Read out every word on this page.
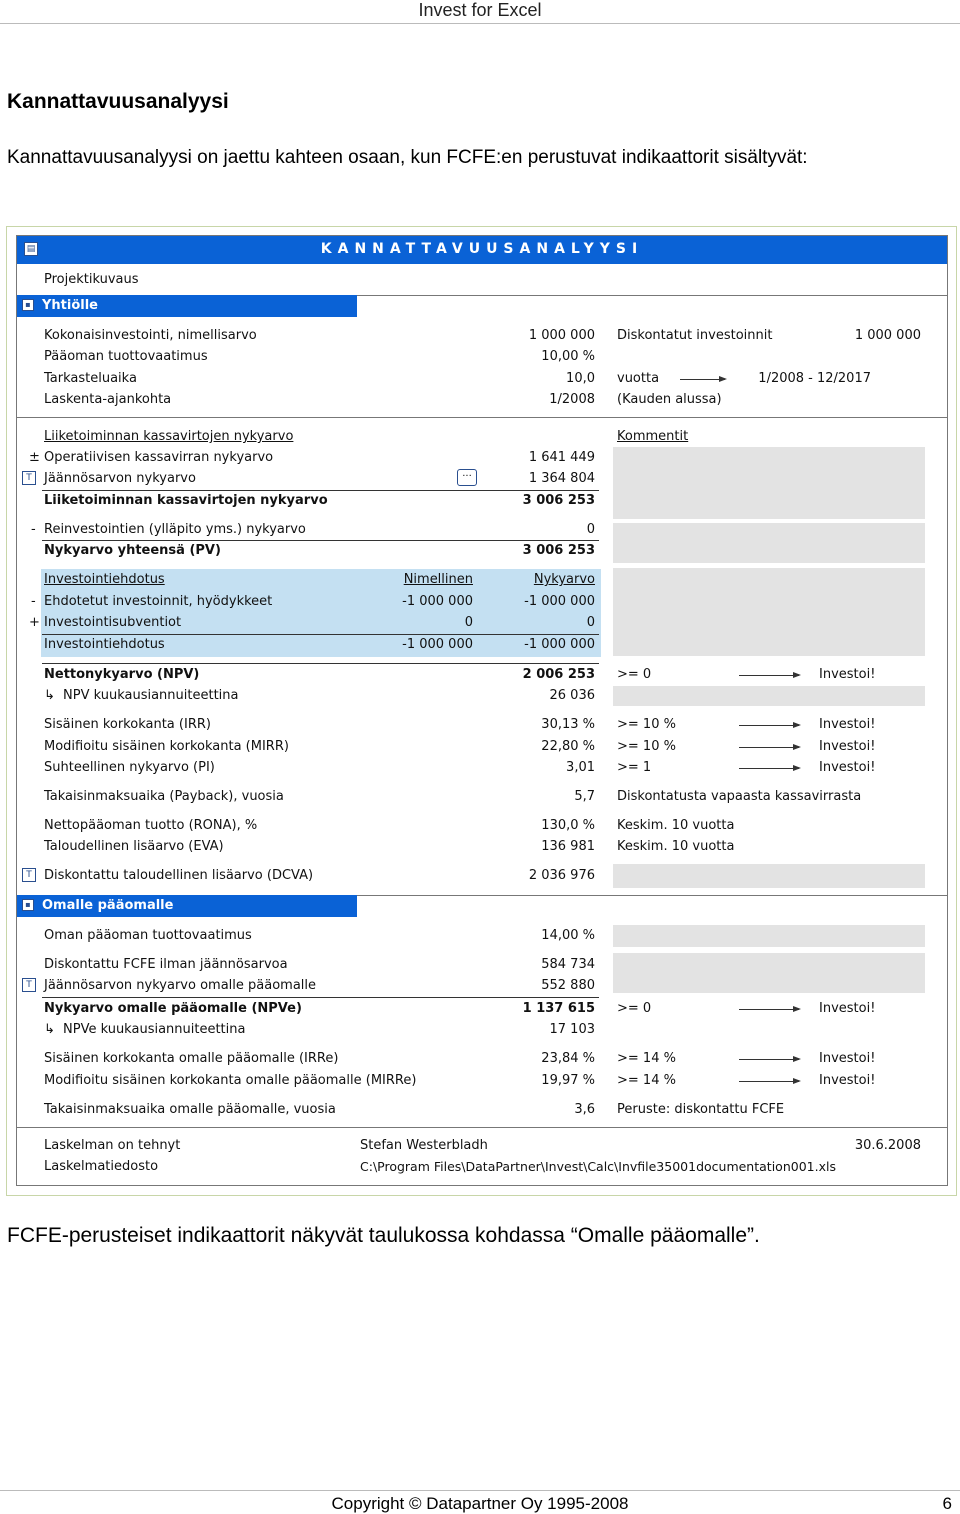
Invest for Excel
Kannattavuusanalyysi
Kannattavuusanalyysi on jaettu kahteen osaan, kun FCFE:en perustuvat indikaattorit sisältyvät:
▤	KANNATTAVUUSANALYYSI
Projektikuvaus
▪ Yhtiölle
Kokonaisinvestointi, nimellisarvo	1 000 000 Diskontatut investoinnit	1 000 000
Pääoman tuottovaatimus	10,00 %
Tarkasteluaika	10,0 vuotta	1/2008 - 12/2017
Laskenta-ajankohta	1/2008 (Kauden alussa)
Liiketoiminnan kassavirtojen nykyarvo	Kommentit
± Operatiivisen kassavirran nykyarvo	1 641 449
T Jäännösarvon nykyarvo	···	1 364 804
Liiketoiminnan kassavirtojen nykyarvo	3 006 253
- Reinvestointien (ylläpito yms.) nykyarvo	0
Nykyarvo yhteensä (PV)	3 006 253
Investointiehdotus	Nimellinen	Nykyarvo
- Ehdotetut investoinnit, hyödykkeet	-1 000 000	-1 000 000
+ Investointisubventiot	0	0
Investointiehdotus	-1 000 000	-1 000 000
Nettonykyarvo (NPV)	2 006 253 >= 0	Investoi!
↳ NPV kuukausiannuiteettina	26 036
Sisäinen korkokanta (IRR)	30,13 % >= 10 %	Investoi!
Modifioitu sisäinen korkokanta (MIRR)	22,80 % >= 10 %	Investoi!
Suhteellinen nykyarvo (PI)	3,01 >= 1	Investoi!
Takaisinmaksuaika (Payback), vuosia	5,7 Diskontatusta vapaasta kassavirrasta
Nettopääoman tuotto (RONA), %	130,0 % Keskim. 10 vuotta
Taloudellinen lisäarvo (EVA)	136 981 Keskim. 10 vuotta
T Diskontattu taloudellinen lisäarvo (DCVA)	2 036 976
▪ Omalle pääomalle
Oman pääoman tuottovaatimus	14,00 %
Diskontattu FCFE ilman jäännösarvoa	584 734
T Jäännösarvon nykyarvo omalle pääomalle	552 880
Nykyarvo omalle pääomalle (NPVe)	1 137 615 >= 0	Investoi!
↳ NPVe kuukausiannuiteettina	17 103
Sisäinen korkokanta omalle pääomalle (IRRe)	23,84 % >= 14 %	Investoi!
Modifioitu sisäinen korkokanta omalle pääomalle (MIRRe)	19,97 % >= 14 %	Investoi!
Takaisinmaksuaika omalle pääomalle, vuosia	3,6 Peruste: diskontattu FCFE
Laskelman on tehnyt	Stefan Westerbladh	30.6.2008
Laskelmatiedosto	C:\Program Files\DataPartner\Invest\Calc\Invfile35001documentation001.xls
FCFE-perusteiset indikaattorit näkyvät taulukossa kohdassa “Omalle pääomalle”.
Copyright © Datapartner Oy 1995-2008	6
